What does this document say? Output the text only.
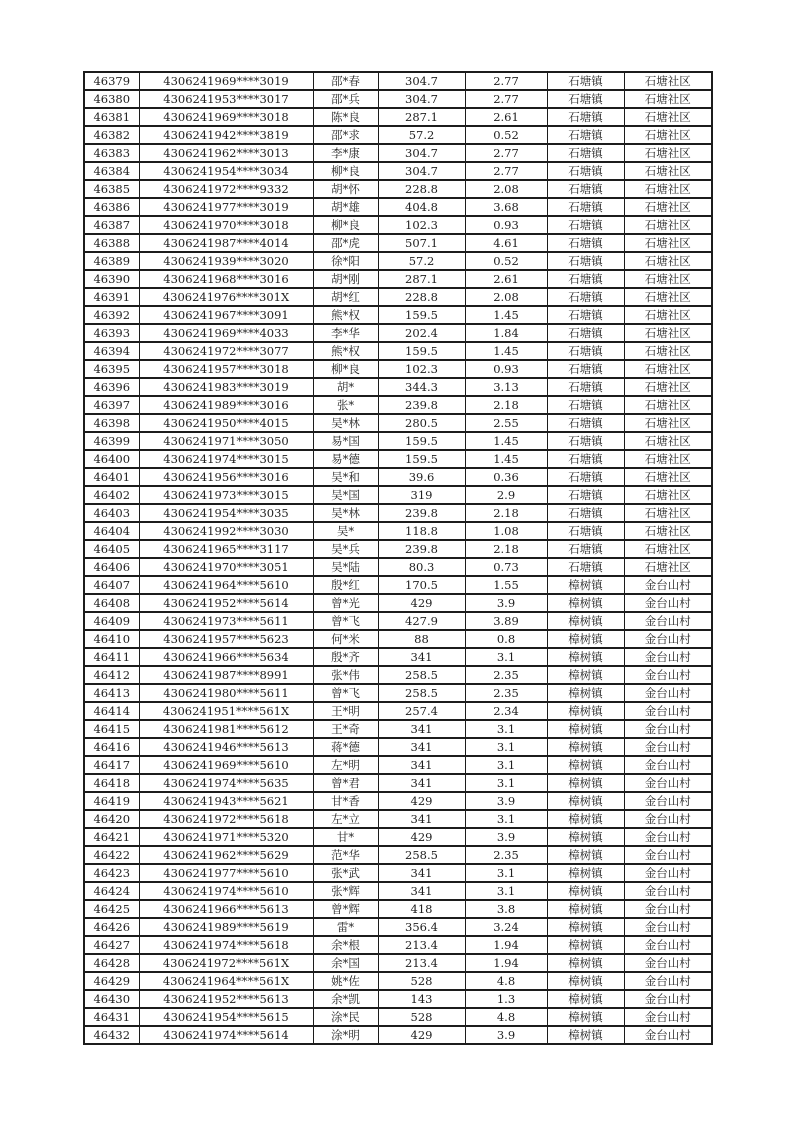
46379	4306241969****3019	邵*春	304.7	2.77	石塘镇	石塘社区
46380	4306241953****3017	邵*兵	304.7	2.77	石塘镇	石塘社区
46381	4306241969****3018	陈*良	287.1	2.61	石塘镇	石塘社区
46382	4306241942****3819	邵*求	57.2	0.52	石塘镇	石塘社区
46383	4306241962****3013	李*康	304.7	2.77	石塘镇	石塘社区
46384	4306241954****3034	柳*良	304.7	2.77	石塘镇	石塘社区
46385	4306241972****9332	胡*怀	228.8	2.08	石塘镇	石塘社区
46386	4306241977****3019	胡*雄	404.8	3.68	石塘镇	石塘社区
46387	4306241970****3018	柳*良	102.3	0.93	石塘镇	石塘社区
46388	4306241987****4014	邵*虎	507.1	4.61	石塘镇	石塘社区
46389	4306241939****3020	徐*阳	57.2	0.52	石塘镇	石塘社区
46390	4306241968****3016	胡*刚	287.1	2.61	石塘镇	石塘社区
46391	4306241976****301X	胡*红	228.8	2.08	石塘镇	石塘社区
46392	4306241967****3091	熊*权	159.5	1.45	石塘镇	石塘社区
46393	4306241969****4033	李*华	202.4	1.84	石塘镇	石塘社区
46394	4306241972****3077	熊*权	159.5	1.45	石塘镇	石塘社区
46395	4306241957****3018	柳*良	102.3	0.93	石塘镇	石塘社区
46396	4306241983****3019	胡*	344.3	3.13	石塘镇	石塘社区
46397	4306241989****3016	张*	239.8	2.18	石塘镇	石塘社区
46398	4306241950****4015	吴*林	280.5	2.55	石塘镇	石塘社区
46399	4306241971****3050	易*国	159.5	1.45	石塘镇	石塘社区
46400	4306241974****3015	易*德	159.5	1.45	石塘镇	石塘社区
46401	4306241956****3016	吴*和	39.6	0.36	石塘镇	石塘社区
46402	4306241973****3015	吴*国	319	2.9	石塘镇	石塘社区
46403	4306241954****3035	吴*林	239.8	2.18	石塘镇	石塘社区
46404	4306241992****3030	吴*	118.8	1.08	石塘镇	石塘社区
46405	4306241965****3117	吴*兵	239.8	2.18	石塘镇	石塘社区
46406	4306241970****3051	吴*陆	80.3	0.73	石塘镇	石塘社区
46407	4306241964****5610	殷*红	170.5	1.55	樟树镇	金台山村
46408	4306241952****5614	曾*光	429	3.9	樟树镇	金台山村
46409	4306241973****5611	曾*飞	427.9	3.89	樟树镇	金台山村
46410	4306241957****5623	何*米	88	0.8	樟树镇	金台山村
46411	4306241966****5634	殷*齐	341	3.1	樟树镇	金台山村
46412	4306241987****8991	张*伟	258.5	2.35	樟树镇	金台山村
46413	4306241980****5611	曾*飞	258.5	2.35	樟树镇	金台山村
46414	4306241951****561X	王*明	257.4	2.34	樟树镇	金台山村
46415	4306241981****5612	王*奇	341	3.1	樟树镇	金台山村
46416	4306241946****5613	蒋*德	341	3.1	樟树镇	金台山村
46417	4306241969****5610	左*明	341	3.1	樟树镇	金台山村
46418	4306241974****5635	曾*君	341	3.1	樟树镇	金台山村
46419	4306241943****5621	甘*香	429	3.9	樟树镇	金台山村
46420	4306241972****5618	左*立	341	3.1	樟树镇	金台山村
46421	4306241971****5320	甘*	429	3.9	樟树镇	金台山村
46422	4306241962****5629	范*华	258.5	2.35	樟树镇	金台山村
46423	4306241977****5610	张*武	341	3.1	樟树镇	金台山村
46424	4306241974****5610	张*辉	341	3.1	樟树镇	金台山村
46425	4306241966****5613	曾*辉	418	3.8	樟树镇	金台山村
46426	4306241989****5619	雷*	356.4	3.24	樟树镇	金台山村
46427	4306241974****5618	余*根	213.4	1.94	樟树镇	金台山村
46428	4306241972****561X	余*国	213.4	1.94	樟树镇	金台山村
46429	4306241964****561X	姚*佐	528	4.8	樟树镇	金台山村
46430	4306241952****5613	余*凯	143	1.3	樟树镇	金台山村
46431	4306241954****5615	涂*民	528	4.8	樟树镇	金台山村
46432	4306241974****5614	涂*明	429	3.9	樟树镇	金台山村
